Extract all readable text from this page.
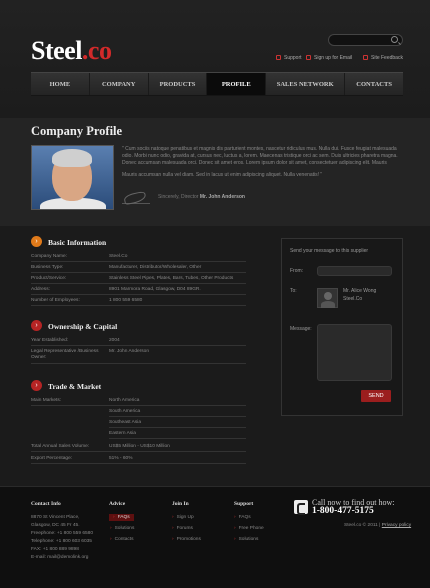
Steel.co	Support	Sign up for Email	Site Feedback
HOME	COMPANY	PRODUCTS	PROFILE	SALES NETWORK	CONTACTS
Company Profile
" Cum sociis natoque penatibus et magnis dis parturient montes, nascetur ridiculus mus. Nulla dui. Fusce feugiat malesuada odio. Morbi nunc odio, gravida at, cursus nec, luctus a, lorem. Maecenas tristique orci ac sem. Duis ultricies pharetra magna. Donec accumsan malesuada orci. Donec sit amet eros. Lorem ipsum dolor sit amet, consectetuer adipiscing elit. Mauris
Mauris accumsan nulla vel diam. Sed in lacus ut enim adipiscing aliquet. Nulla venenatis! "
Sincerely, Director Mr. John Anderson
›	Basic Information
Company Name:	Steel.Co
Business Type:	Manufacturer, Distributor/Wholesaler, Other
Product/Service:	Stainless Steel Pipes, Plates, Bars, Tubes, Other Products
Address:	8901 Marmora Road, Glasgow, D04 89GR.
Number of Employees:	1 800 559 6580
›	Ownership & Capital
Year Established:	2004
Legal Representative /Business Owner:
Mr. John Anderson
›	Trade & Market
Main Markets:	North America
South America
Southeast Asia
Eastern Asia
Total Annual Sales Volume:	US$5 Million - US$10 Million
Export Percentage:	51% - 60%
Send your message to this supplier
From:
To:	Mr. Alice Wong
Steel.Co
Message:
SEND
Contact Info
8870 St Vincent Place,
Glasgow, DC 45 Fr 45.
Freephone: +1 800 559 6580
Telephone: +1 800 603 6035
FAX: +1 800 889 9898
E-mail: mail@demolink.org
Advice
› FAQs
› Solutions
› Contacts
Join In
› Sign Up
› Forums
› Promotions
Support
› FAQs
› Free Phone
› Solutions
Call now to find out how:
1-800-477-5175
Steel.co © 2011 | Privacy policy
